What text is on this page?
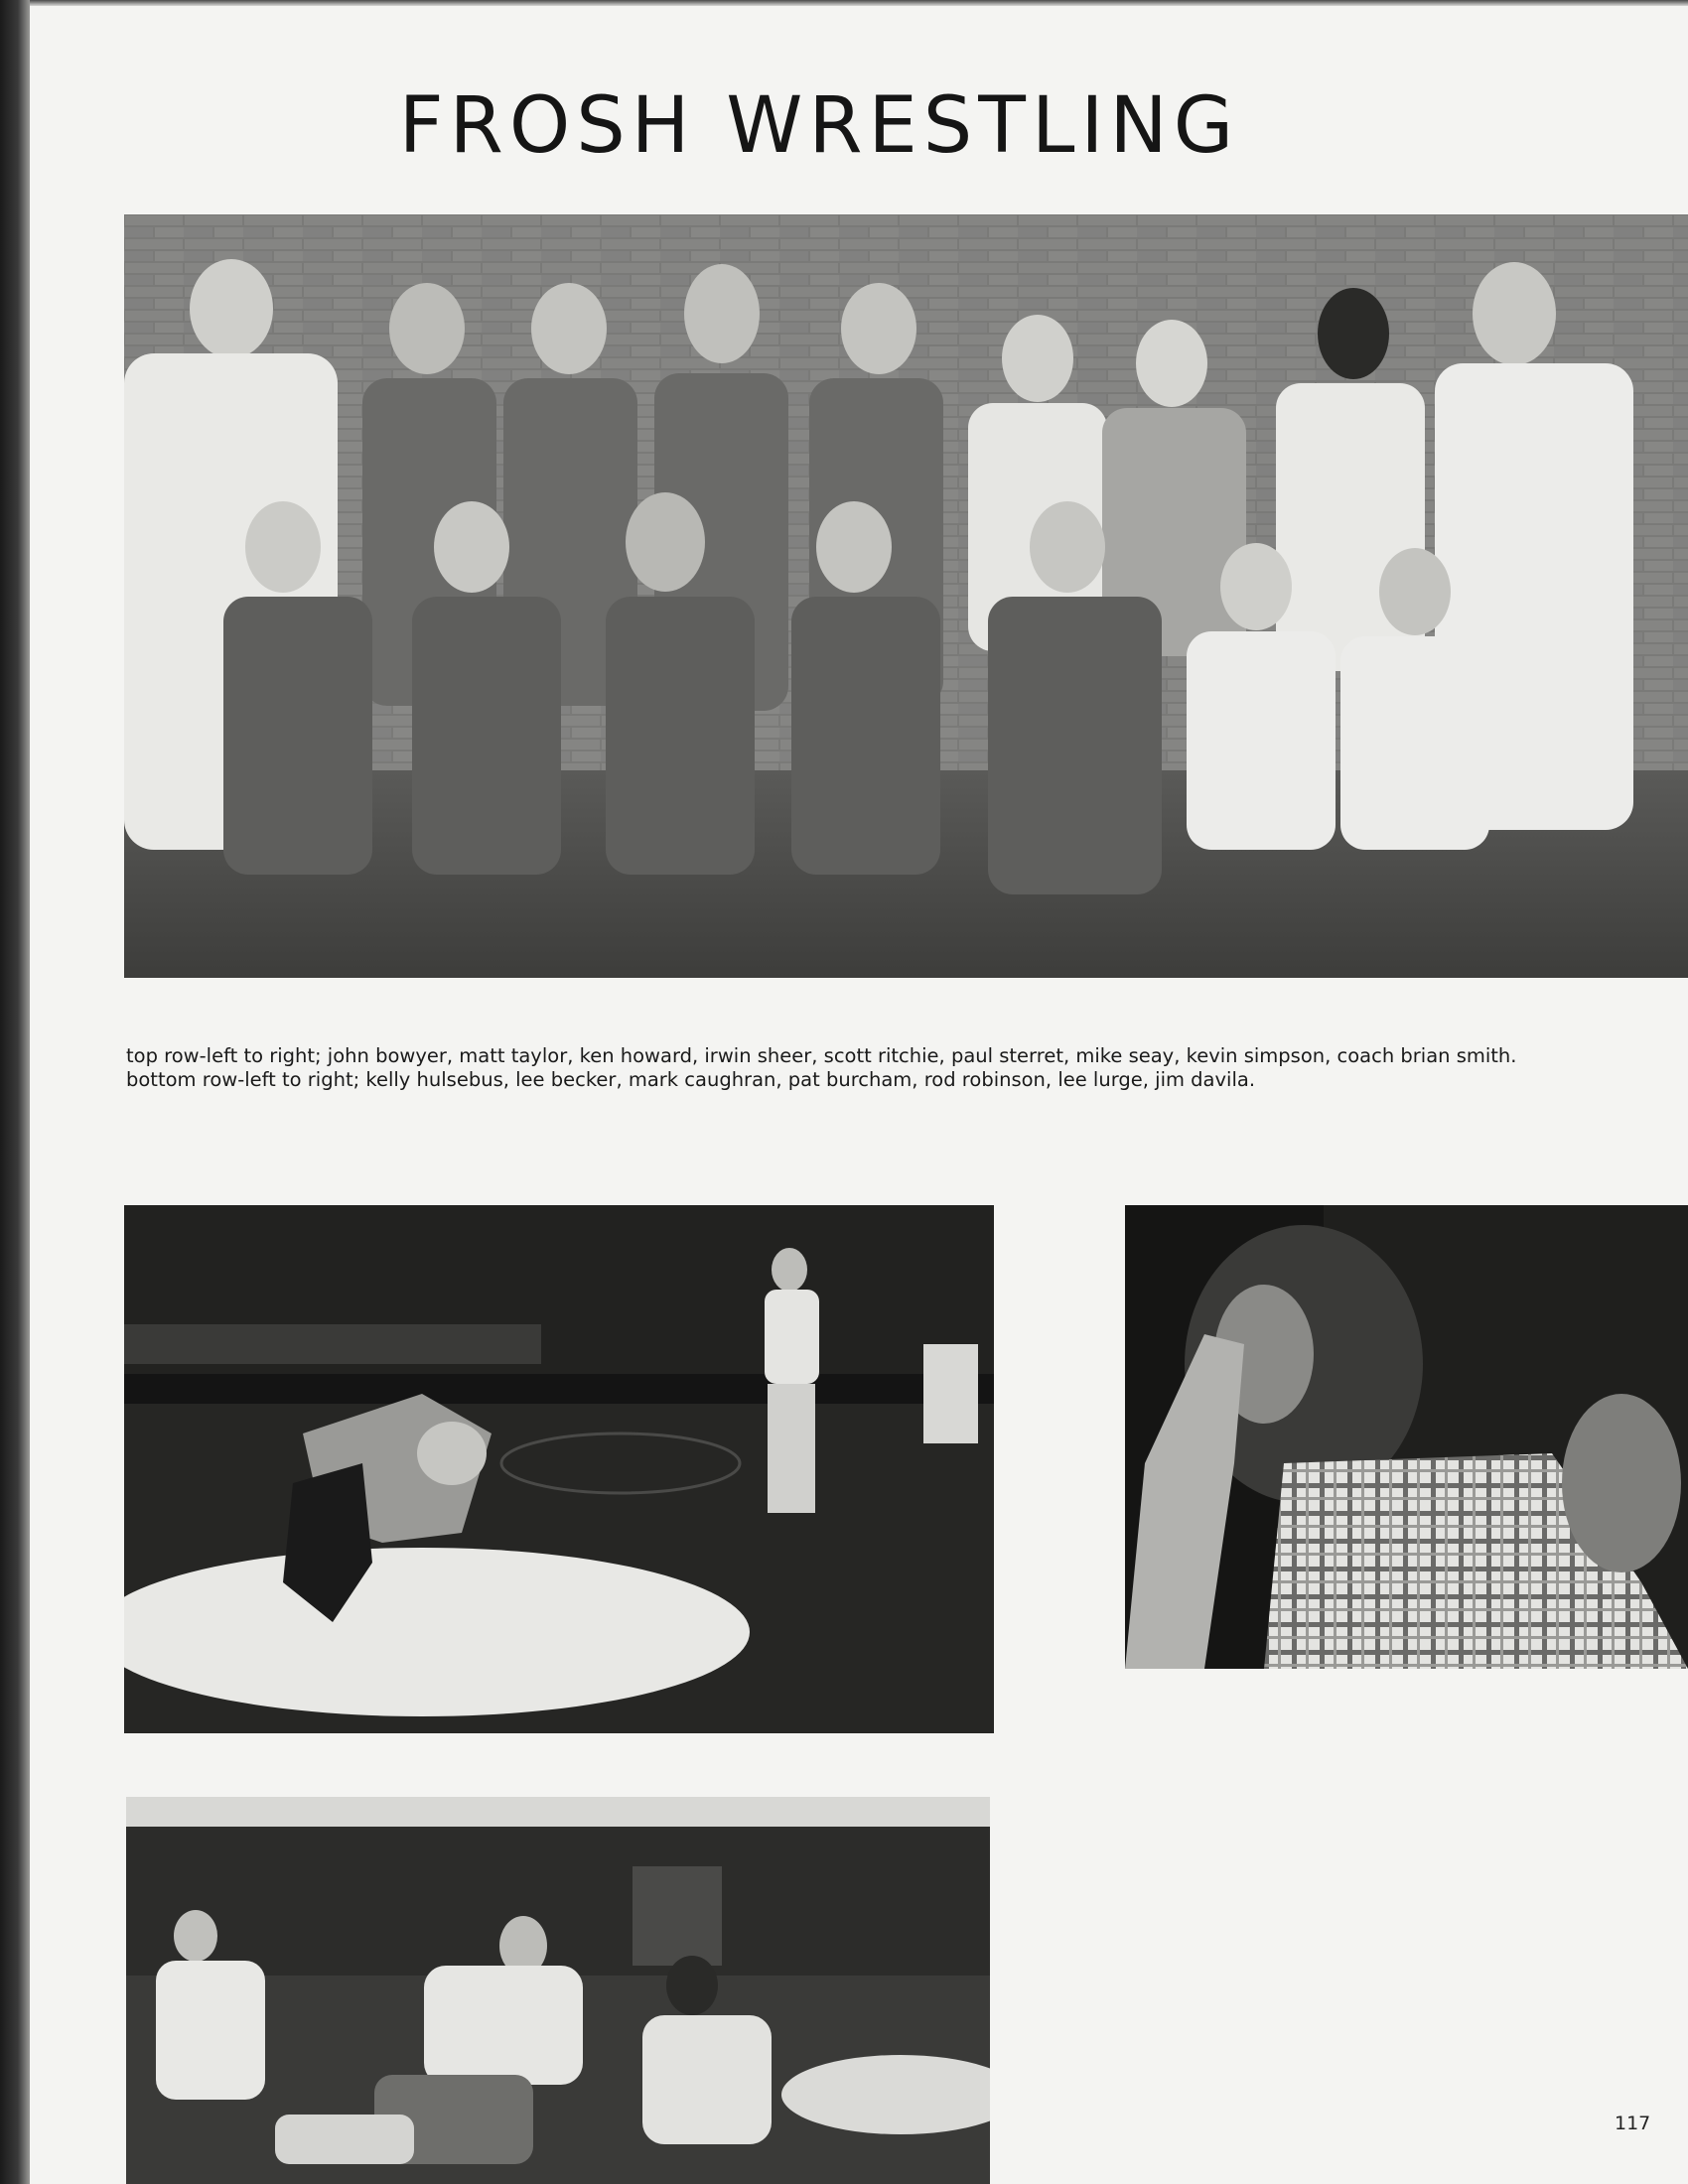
FROSH WRESTLING

top row-left to right; john bowyer, matt taylor, ken howard, irwin sheer, scott ritchie, paul sterret, mike seay, kevin simpson, coach brian smith. bottom row-left to right; kelly hulsebus, lee becker, mark caughran, pat burcham, rod robinson, lee lurge, jim davila.

117
